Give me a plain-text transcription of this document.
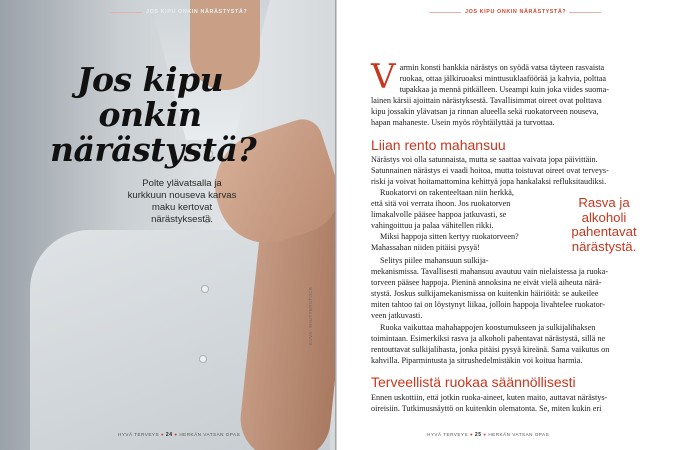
JOS KIPU ONKIN NÄRÄSTYSTÄ?
Jos kipu
onkin
närästystä?
Polte ylävatsalla ja
kurkkuun nouseva karvas
maku kertovat
närästyksestä.
KUVA: SHUTTERSTOCK
HYVÄ TERVEYS ● 24 ● HERKÄN VATSAN OPAS
JOS KIPU ONKIN NÄRÄSTYSTÄ?
V armin konsti hankkia närästys on syödä vatsa täyteen rasvaista
ruokaa, ottaa jälkiruoaksi minttusuklaaföörää ja kahvia, polttaa
tupakkaa ja mennä pitkälleen. Useampi kuin joka viides suoma-
lainen kärsii ajoittain närästyksestä. Tavallisimmat oireet ovat polttava
kipu jossakin ylävatsan ja rinnan alueella sekä ruokatorveen nouseva,
hapan mahaneste. Usein myös röyhtäilyttää ja turvottaa.
Liian rento mahansuu
Närästys voi olla satunnaista, mutta se saattaa vaivata jopa päivittäin.
Satunnainen närästys ei vaadi hoitoa, mutta toistuvat oireet ovat terveys-
riski ja voivat hoitamattomina kehittyä jopa hankalaksi refluksitaudiksi.
Ruokatorvi on rakenteeltaan niin herkkä,
että sitä voi verrata ihoon. Jos ruokatorven
limakalvolle pääsee happoa jatkuvasti, se
vahingoittuu ja palaa vähitellen rikki.
Miksi happoja sitten kertyy ruokatorveen?
Mahassahan niiden pitäisi pysyä!
Rasva ja
alkoholi
pahentavat
närästystä.
Selitys piilee mahansuun sulkija-
mekanismissa. Tavallisesti mahansuu avautuu vain nielaistessa ja ruoka-
torveen pääsee happoja. Pieninä annoksina ne eivät vielä aiheuta närä-
stystä. Joskus sulkijamekanismissa on kuitenkin häiriöitä: se aukeilee
miten tahtoo tai on löystynyt liikaa, jolloin happoja livahtelee ruokator-
veen jatkuvasti.
Ruoka vaikuttaa mahahappojen koostumukseen ja sulkijalihaksen
toimintaan. Esimerkiksi rasva ja alkoholi pahentavat närästystä, sillä ne
rentouttavat sulkijalihasta, jonka pitäisi pysyä kireänä. Sama vaikutus on
kahvilla. Piparmintusta ja sitrushedelmistäkin voi koitua harmia.
Terveellistä ruokaa säännöllisesti
Ennen uskottiin, että jotkin ruoka-aineet, kuten maito, auttavat närästys-
oireisiin. Tutkimusnäyttö on kuitenkin olematonta. Se, miten kukin eri
HYVÄ TERVEYS ● 25 ● HERKÄN VATSAN OPAS
